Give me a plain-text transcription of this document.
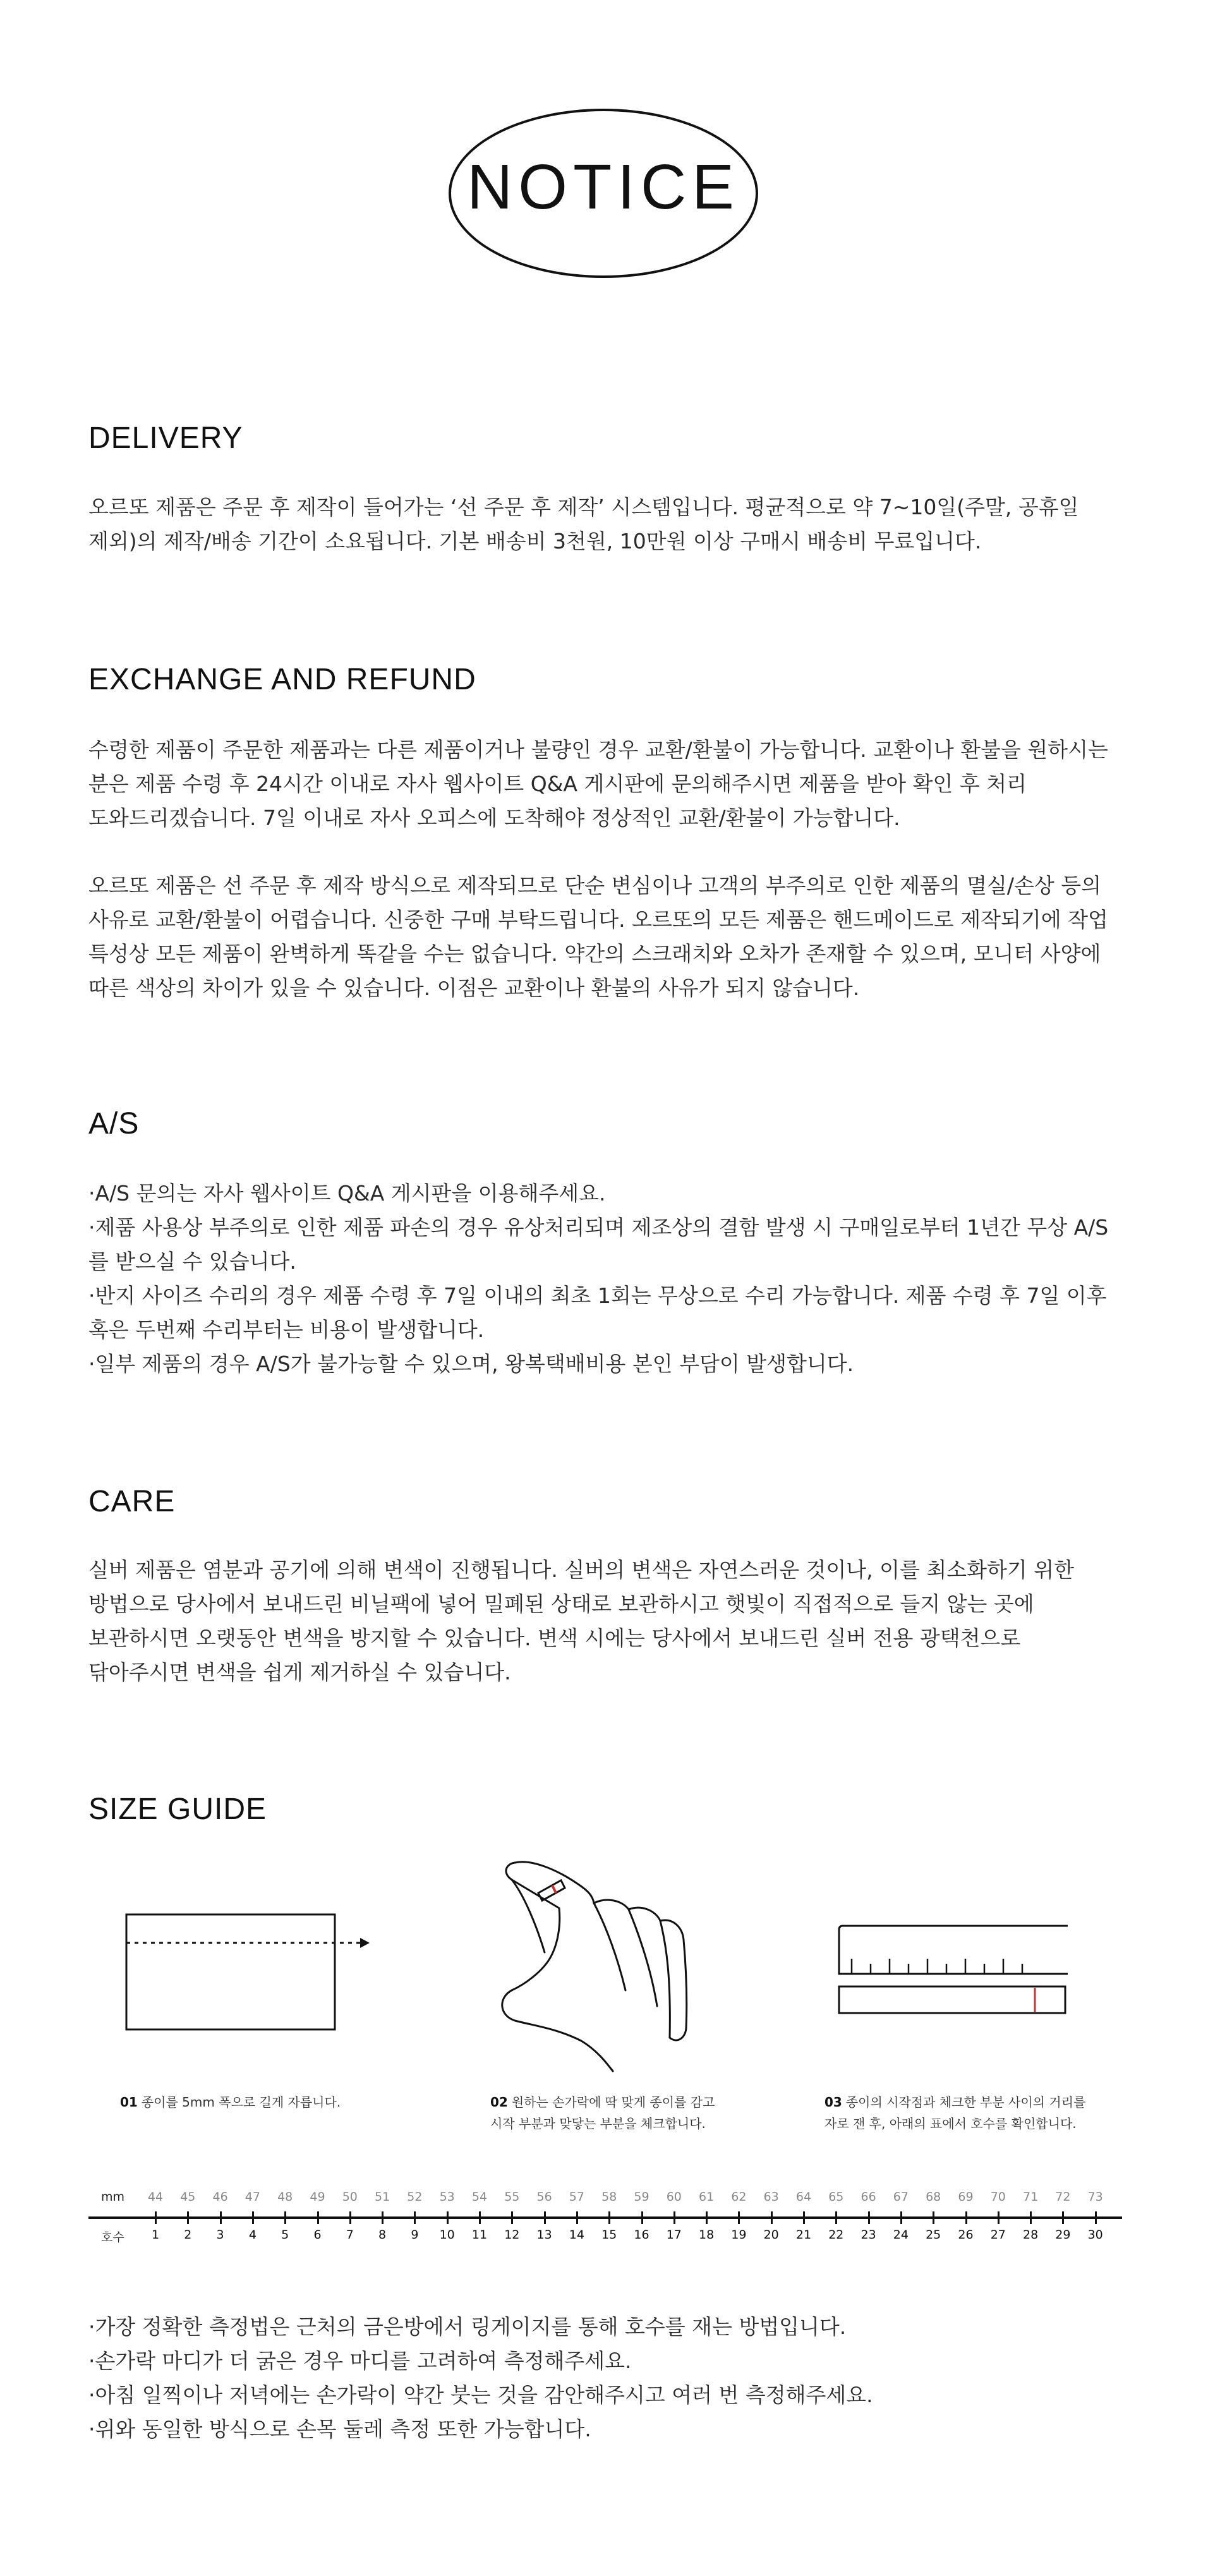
NOTICE
DELIVERY

오르또 제품은 주문 후 제작이 들어가는 ‘선 주문 후 제작’ 시스템입니다. 평균적으로 약 7~10일(주말, 공휴일
제외)의 제작/배송 기간이 소요됩니다. 기본 배송비 3천원, 10만원 이상 구매시 배송비 무료입니다.

EXCHANGE AND REFUND

수령한 제품이 주문한 제품과는 다른 제품이거나 불량인 경우 교환/환불이 가능합니다. 교환이나 환불을 원하시는
분은 제품 수령 후 24시간 이내로 자사 웹사이트 Q&A 게시판에 문의해주시면 제품을 받아 확인 후 처리
도와드리겠습니다. 7일 이내로 자사 오피스에 도착해야 정상적인 교환/환불이 가능합니다.

오르또 제품은 선 주문 후 제작 방식으로 제작되므로 단순 변심이나 고객의 부주의로 인한 제품의 멸실/손상 등의
사유로 교환/환불이 어렵습니다. 신중한 구매 부탁드립니다. 오르또의 모든 제품은 핸드메이드로 제작되기에 작업
특성상 모든 제품이 완벽하게 똑같을 수는 없습니다. 약간의 스크래치와 오차가 존재할 수 있으며, 모니터 사양에
따른 색상의 차이가 있을 수 있습니다. 이점은 교환이나 환불의 사유가 되지 않습니다.

A/S

·A/S 문의는 자사 웹사이트 Q&A 게시판을 이용해주세요.
·제품 사용상 부주의로 인한 제품 파손의 경우 유상처리되며 제조상의 결함 발생 시 구매일로부터 1년간 무상 A/S
를 받으실 수 있습니다.
·반지 사이즈 수리의 경우 제품 수령 후 7일 이내의 최초 1회는 무상으로 수리 가능합니다. 제품 수령 후 7일 이후
혹은 두번째 수리부터는 비용이 발생합니다.
·일부 제품의 경우 A/S가 불가능할 수 있으며, 왕복택배비용 본인 부담이 발생합니다.

CARE

실버 제품은 염분과 공기에 의해 변색이 진행됩니다. 실버의 변색은 자연스러운 것이나, 이를 최소화하기 위한
방법으로 당사에서 보내드린 비닐팩에 넣어 밀폐된 상태로 보관하시고 햇빛이 직접적으로 들지 않는 곳에
보관하시면 오랫동안 변색을 방지할 수 있습니다. 변색 시에는 당사에서 보내드린 실버 전용 광택천으로
닦아주시면 변색을 쉽게 제거하실 수 있습니다.

SIZE GUIDE

01 종이를 5mm 폭으로 길게 자릅니다.	02 원하는 손가락에 딱 맞게 종이를 감고
시작 부분과 맞닿는 부분을 체크합니다.

03 종이의 시작점과 체크한 부분 사이의 거리를
자로 잰 후, 아래의 표에서 호수를 확인합니다.

mm	44	45	46	47	48	49	50	51	52	53	54	55	56	57	58	59	60	61	62	63	64	65	66	67	68	69	70	71	72	73
호수	1	2	3	4	5	6	7	8	9	10	11	12	13	14	15	16	17	18	19	20	21	22	23	24	25	26	27	28	29	30

·가장 정확한 측정법은 근처의 금은방에서 링게이지를 통해 호수를 재는 방법입니다.
·손가락 마디가 더 굵은 경우 마디를 고려하여 측정해주세요.
·아침 일찍이나 저녁에는 손가락이 약간 붓는 것을 감안해주시고 여러 번 측정해주세요.
·위와 동일한 방식으로 손목 둘레 측정 또한 가능합니다.
